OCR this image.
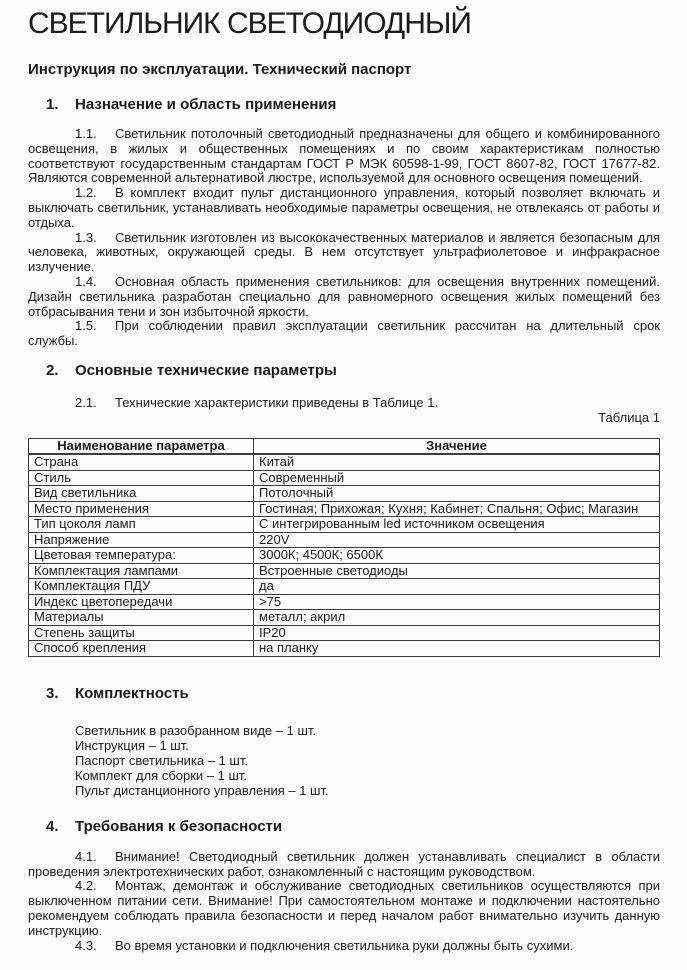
СВЕТИЛЬНИК СВЕТОДИОДНЫЙ
Инструкция по эксплуатации. Технический паспорт
1. Назначение и область применения

1.1. Светильник потолочный светодиодный предназначены для общего и комбинированного освещения, в жилых и общественных помещениях и по своим характеристикам полностью соответствуют государственным стандартам ГОСТ Р МЭК 60598-1-99, ГОСТ 8607-82, ГОСТ 17677-82. Являются современной альтернативой люстре, используемой для основного освещения помещений.

1.2. В комплект входит пульт дистанционного управления, который позволяет включать и выключать светильник, устанавливать необходимые параметры освещения, не отвлекаясь от работы и отдыха.

1.3. Светильник изготовлен из высококачественных материалов и является безопасным для человека, животных, окружающей среды. В нем отсутствует ультрафиолетовое и инфракрасное излучение.

1.4. Основная область применения светильников: для освещения внутренних помещений. Дизайн светильника разработан специально для равномерного освещения жилых помещений без отбрасывания тени и зон избыточной яркости.

1.5. При соблюдении правил эксплуатации светильник рассчитан на длительный срок службы.

2. Основные технические параметры

2.1. Технические характеристики приведены в Таблице 1.

Таблица 1

Наименование параметра	Значение
Страна	Китай
Стиль	Современный
Вид светильника	Потолочный
Место применения	Гостиная; Прихожая; Кухня; Кабинет; Спальня; Офис; Магазин
Тип цоколя ламп	С интегрированным led источником освещения
Напряжение	220V
Цветовая температура:	3000К; 4500К; 6500К
Комплектация лампами	Встроенные светодиоды
Комплектация ПДУ	да
Индекс цветопередачи	>75
Материалы	металл; акрил
Степень защиты	IP20
Способ крепления	на планку
3. Комплектность
Светильник в разобранном виде – 1 шт.
Инструкция – 1 шт.
Паспорт светильника – 1 шт.
Комплект для сборки – 1 шт.
Пульт дистанционного управления – 1 шт.
4. Требования к безопасности

4.1. Внимание! Светодиодный светильник должен устанавливать специалист в области проведения электротехнических работ, ознакомленный с настоящим руководством.

4.2. Монтаж, демонтаж и обслуживание светодиодных светильников осуществляются при выключенном питании сети. Внимание! При самостоятельном монтаже и подключении настоятельно рекомендуем соблюдать правила безопасности и перед началом работ внимательно изучить данную инструкцию.

4.3. Во время установки и подключения светильника руки должны быть сухими.
